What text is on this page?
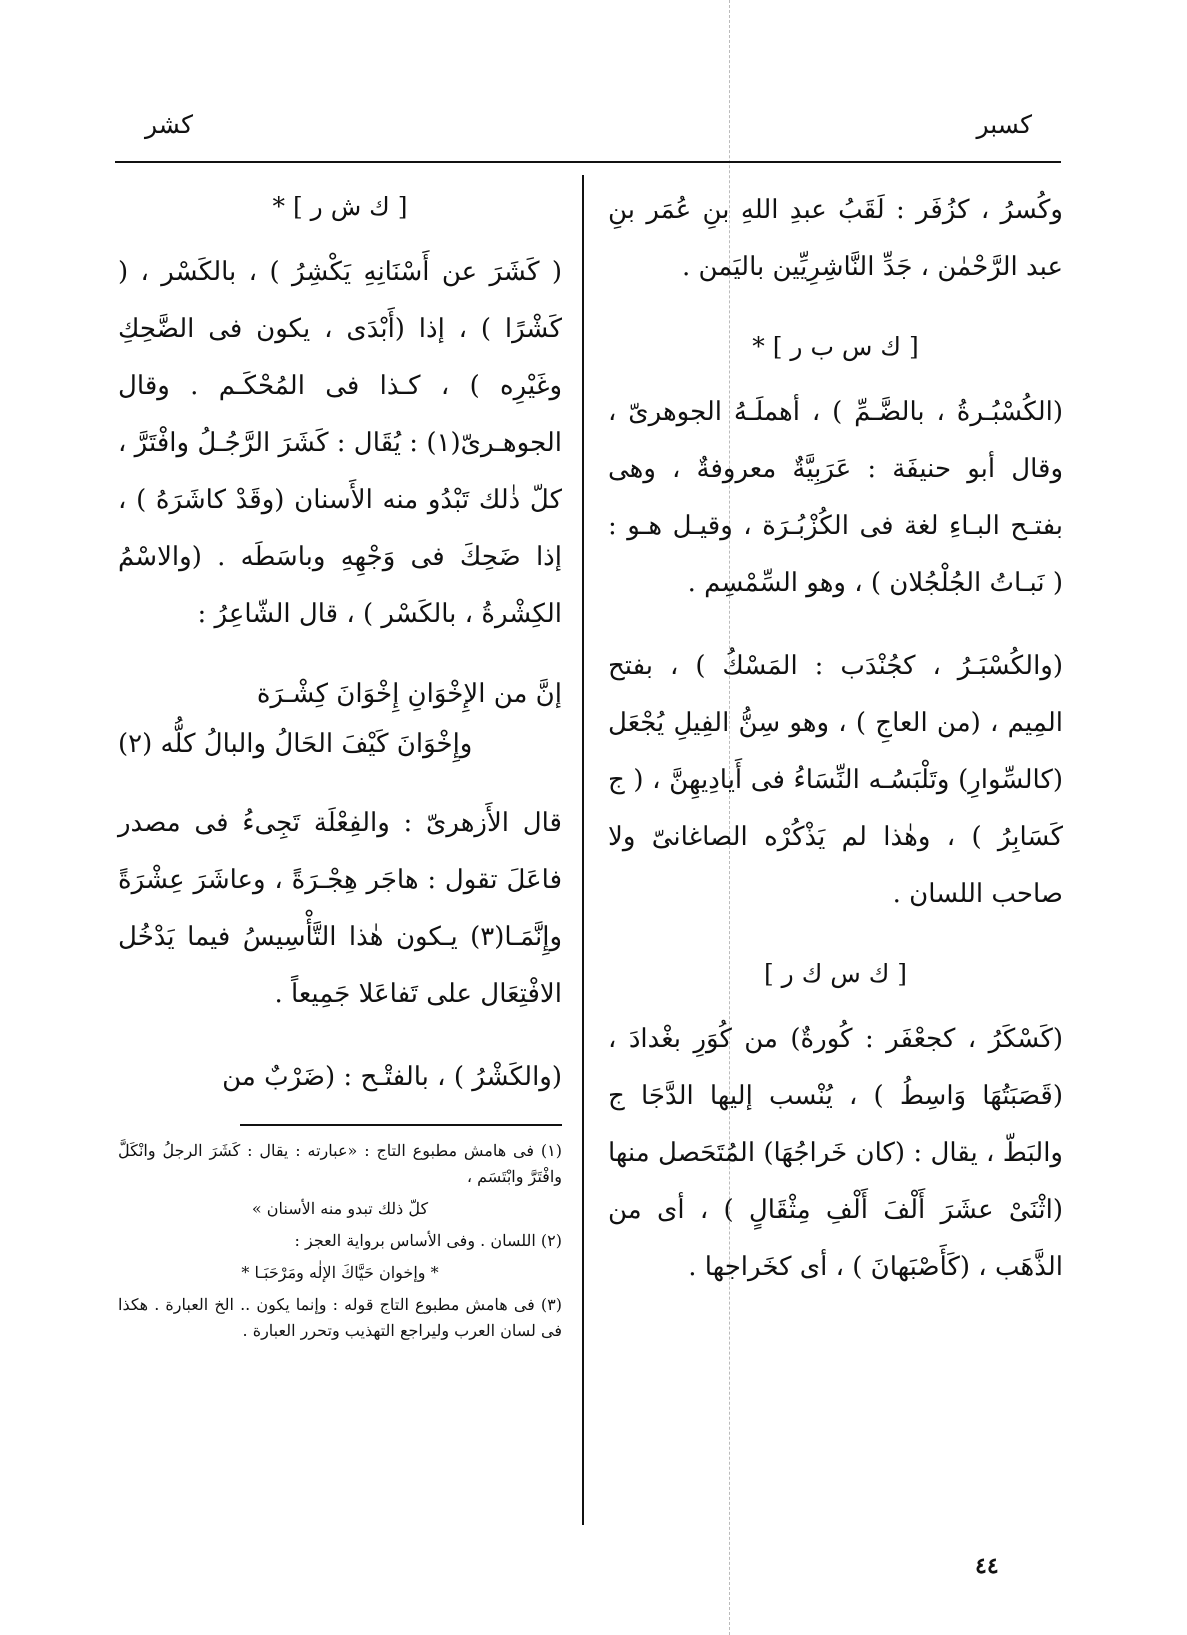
كسبر
كشر

وكُسرُ ، كزُفَر : لَقَبُ عبدِ اللهِ بنِ عُمَر بنِ عبد الرَّحْمٰن ، جَدِّ النَّاشِرِيِّين باليَمن .

[ ك س ب ر ] *

(الكُسْبُـرةُ ، بالضَّـمِّ ) ، أهملَـهُ الجوهرىّ ، وقال أبو حنيفَة : عَرَبِيَّةٌ معروفةٌ ، وهى بفتـح البـاءِ لغة فى الكُزْبُـرَة ، وقيـل هـو : ( نَبـاتُ الجُلْجُلان ) ، وهو السِّمْسِم .

(والكُسْبَـرُ ، كجُنْدَب : المَسْكُ ) ، بفتح المِيم ، (من العاجِ ) ، وهو سِنُّ الفِيلِ يُجْعَل (كالسِّوارِ) وتَلْبَسُـه النِّسَاءُ فى أَيادِيهِنَّ ، ( ج كَسَابِرُ ) ، وهٰذا لم يَذْكُرْه الصاغانىّ ولا صاحب اللسان .

[ ك س ك ر ]

(كَسْكَرُ ، كجعْفَر : كُورةٌ) من كُوَرِ بغْدادَ ، (قَصَبَتُهَا وَاسِطُ ) ، يُنْسب إليها الدَّجَا ج والبَطّ ، يقال : (كان خَراجُهَا) المُتَحَصل منها (اثْنَىْ عشَرَ أَلْفَ أَلْفِ مِثْقَالٍ ) ، أى من الذَّهَب ، (كَأَصْبَهانَ ) ، أى كخَراجها .

[ ك ش ر ] *

( كَشَرَ عن أَسْنَانِهِ يَكْشِرُ ) ، بالكَسْر ، ( كَشْرًا ) ، إذا (أَبْدَى ، يكون فى الضَّحِكِ وغَيْرِه ) ، كـذا فى المُحْكَـم . وقال الجوهـرىّ(١) : يُقَال : كَشَرَ الرَّجُـلُ وافْتَرَّ ، كلّ ذٰلك تَبْدُو منه الأَسنان (وقَدْ كاشَرَهُ ) ، إذا ضَحِكَ فى وَجْهِهِ وباسَطَه . (والاسْمُ الكِشْرةُ ، بالكَسْر ) ، قال الشّاعِرُ :

إنَّ من الإِخْوَانِ إِخْوَانَ كِشْـرَة
وإِخْوَانَ كَيْفَ الحَالُ والبالُ كلُّه (٢)

قال الأَزهرىّ : والفِعْلَة تَجِىءُ فى مصدر فاعَلَ تقول : هاجَر هِجْـرَةً ، وعاشَرَ عِشْرَةً وإِنَّمَـا(٣) يـكون هٰذا التَّأْسِيسُ فيما يَدْخُل الافْتِعَال على تَفاعَلا جَمِيعاً .

(والكَشْرُ ) ، بالفتْـح : (ضَرْبٌ من

(١) فى هامش مطبوع التاج : «عبارته : يقال : كَشَرَ الرجلُ وانْكَلَّ وافْتَرَّ وابْتَسَم ،
كلّ ذلك تبدو منه الأسنان »
(٢) اللسان . وفى الأساس برواية العجز :
* وإخوان حَيَّاكَ الإلٰه ومَرْحَبَـا *
(٣) فى هامش مطبوع التاج قوله : وإنما يكون .. الخ العبارة . هكذا فى لسان العرب وليراجع التهذيب وتحرر العبارة .
٤٤
